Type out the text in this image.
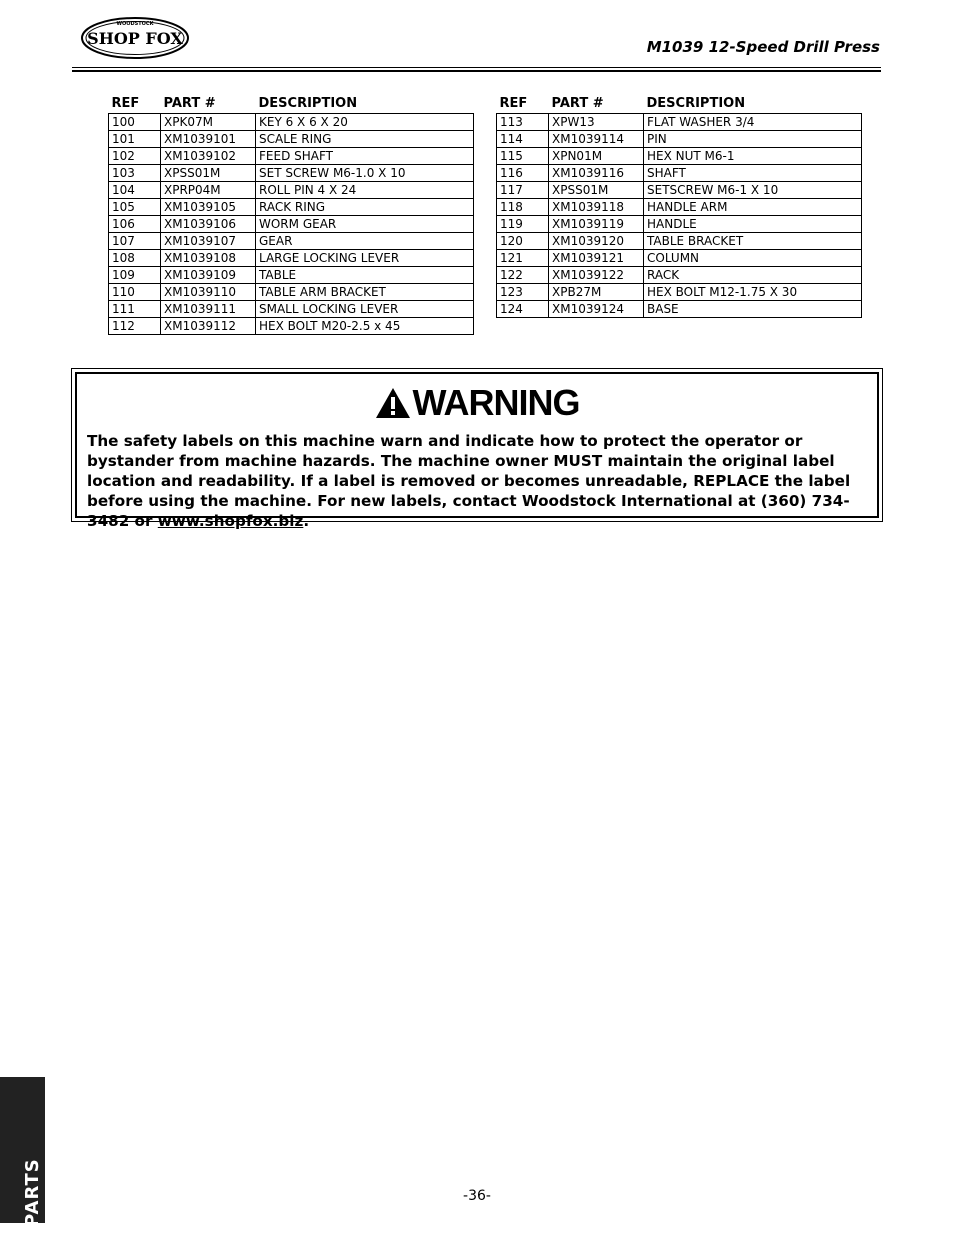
WOODSTOCK
SHOP FOX	M1039 12-Speed Drill Press
REF	PART #	DESCRIPTION
100	XPK07M	KEY 6 X 6 X 20
101	XM1039101	SCALE RING
102	XM1039102	FEED SHAFT
103	XPSS01M	SET SCREW M6-1.0 X 10
104	XPRP04M	ROLL PIN 4 X 24
105	XM1039105	RACK RING
106	XM1039106	WORM GEAR
107	XM1039107	GEAR
108	XM1039108	LARGE LOCKING LEVER
109	XM1039109	TABLE
110	XM1039110	TABLE ARM BRACKET
111	XM1039111	SMALL LOCKING LEVER
112	XM1039112	HEX BOLT M20-2.5 x 45
REF	PART #	DESCRIPTION
113	XPW13	FLAT WASHER 3/4
114	XM1039114	PIN
115	XPN01M	HEX NUT M6-1
116	XM1039116	SHAFT
117	XPSS01M	SETSCREW M6-1 X 10
118	XM1039118	HANDLE ARM
119	XM1039119	HANDLE
120	XM1039120	TABLE BRACKET
121	XM1039121	COLUMN
122	XM1039122	RACK
123	XPB27M	HEX BOLT M12-1.75 X 30
124	XM1039124	BASE
WARNING
The safety labels on this machine warn and indicate how to protect the operator or bystander from machine hazards. The machine owner MUST maintain the original label location and readability. If a label is removed or becomes unreadable, REPLACE the label before using the machine. For new labels, contact Woodstock International at (360) 734-3482 or www.shopfox.biz.
PARTS	-36-
